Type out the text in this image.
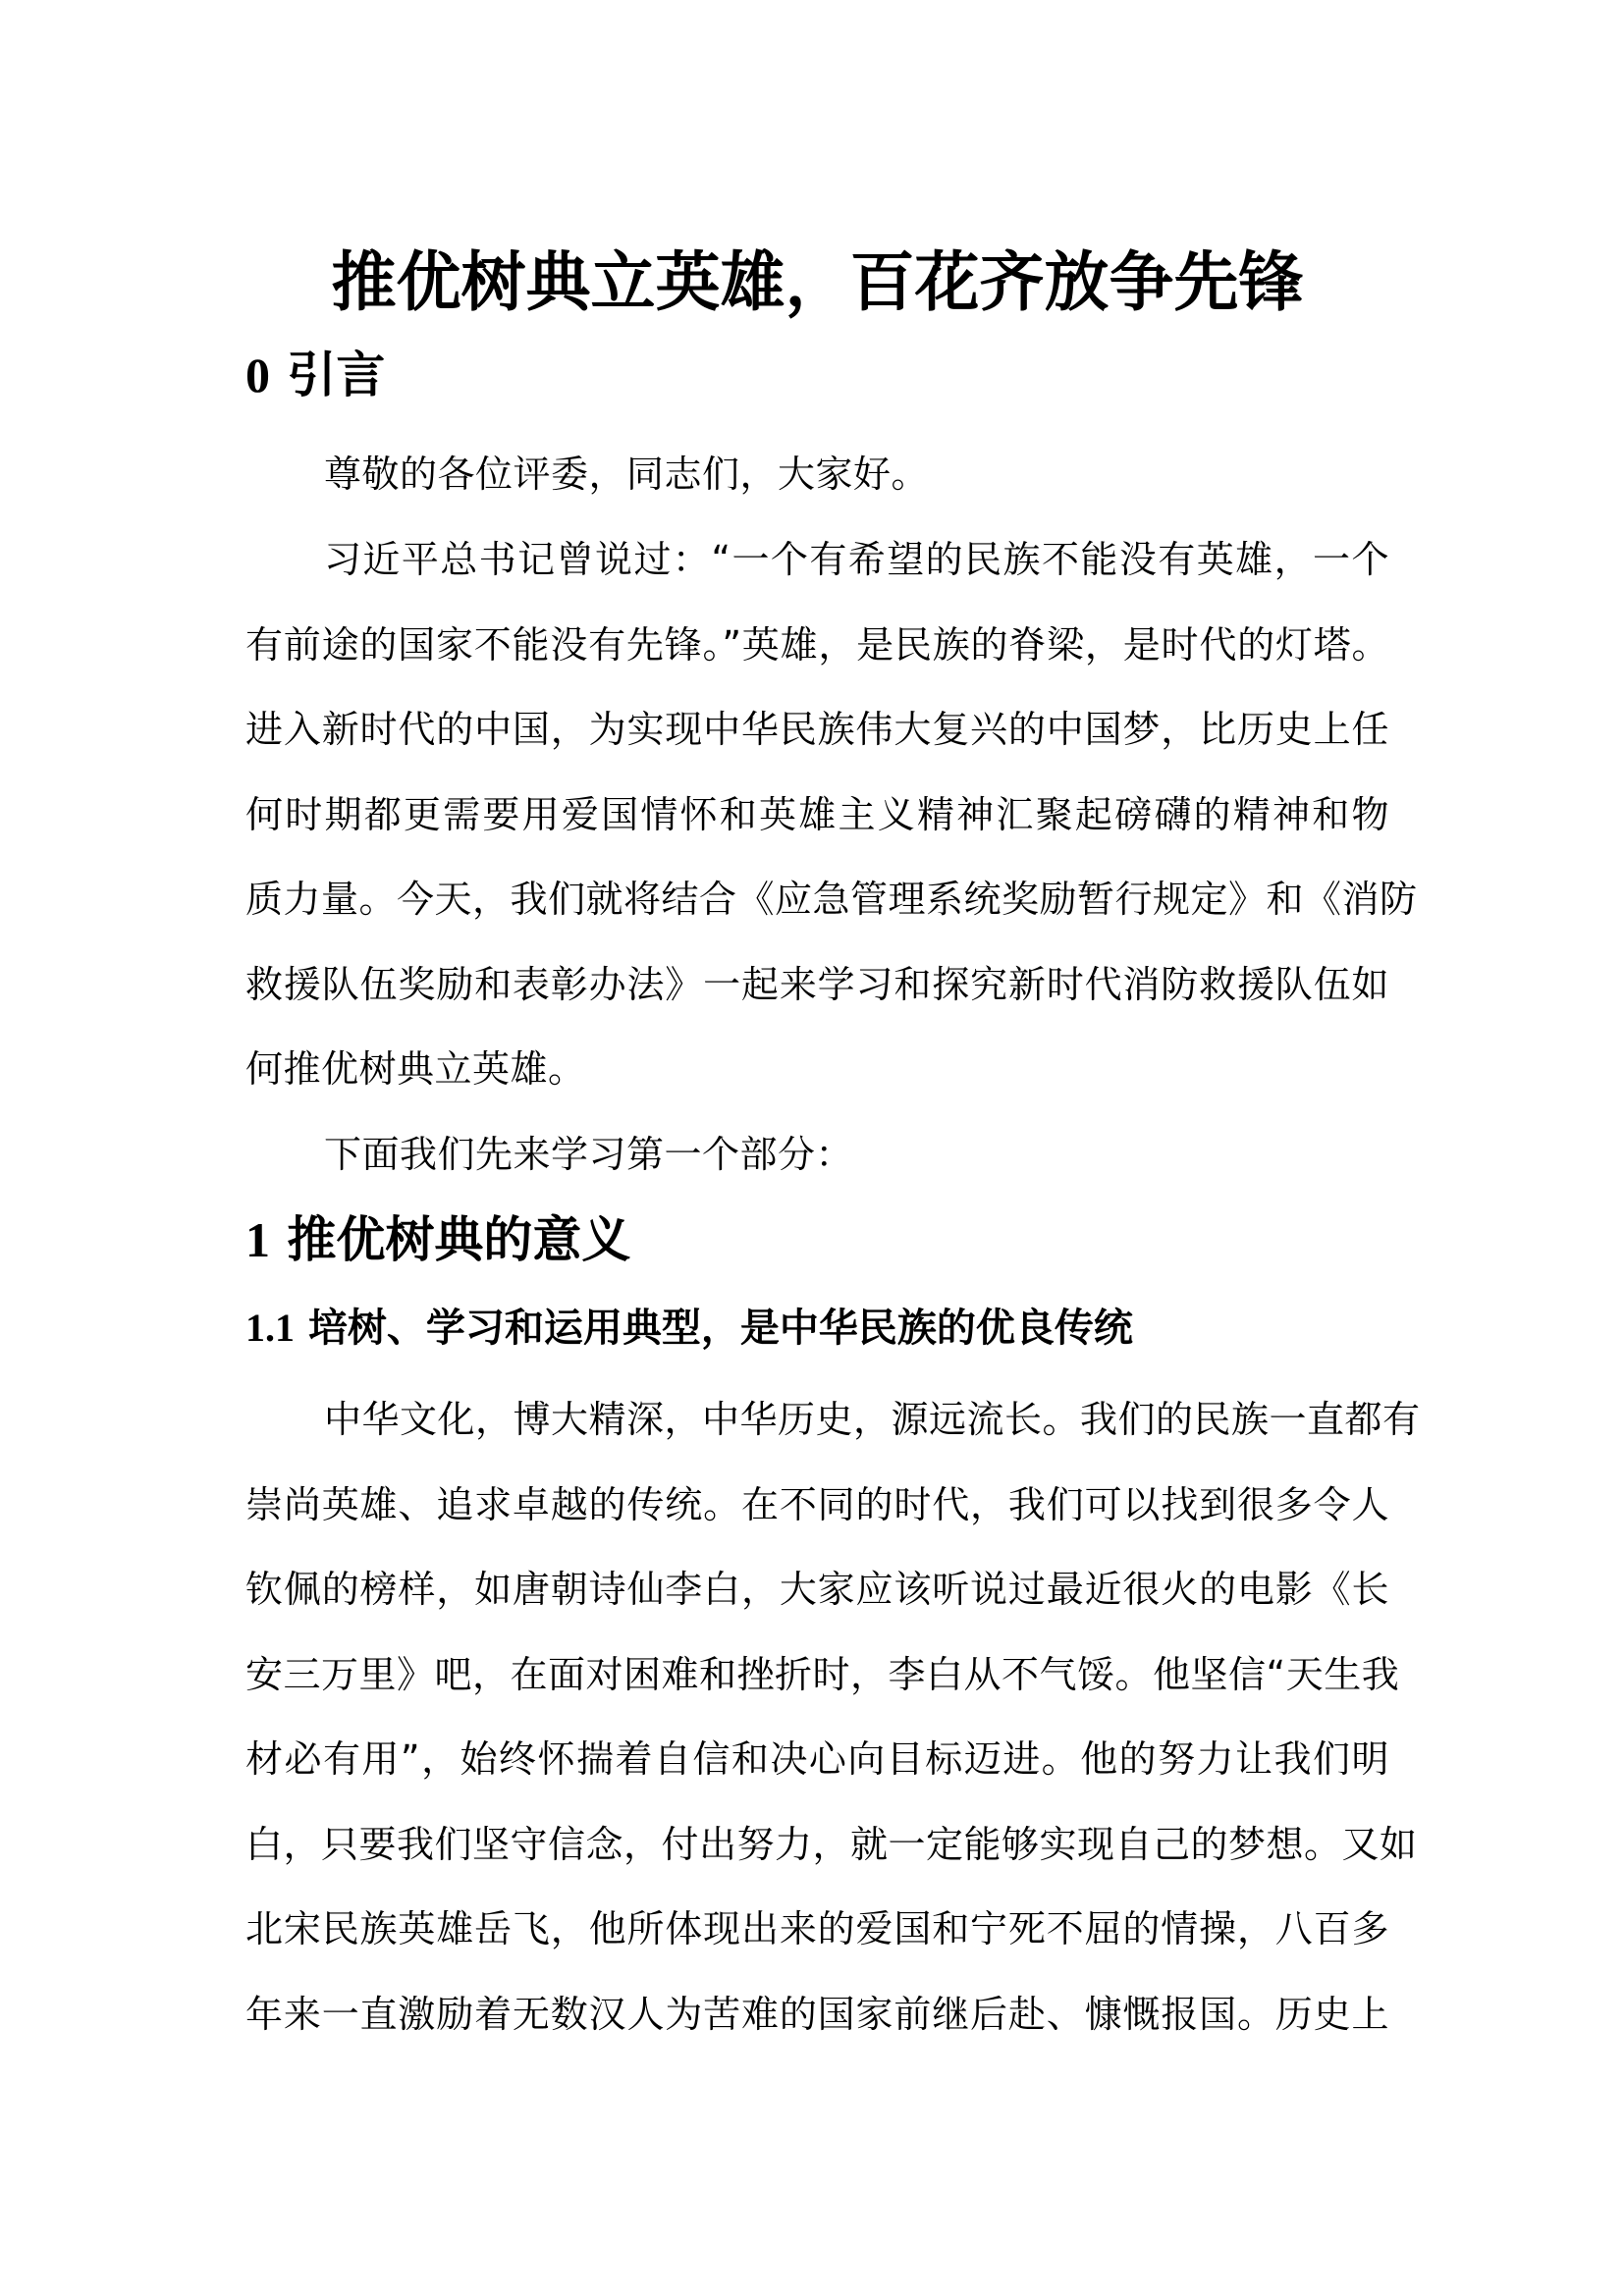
推优树典立英雄，百花齐放争先锋
0 引言
尊敬的各位评委，同志们，大家好。
习近平总书记曾说过：“一个有希望的民族不能没有英雄，一个
有前途的国家不能没有先锋。”英雄，是民族的脊梁，是时代的灯塔。
进入新时代的中国，为实现中华民族伟大复兴的中国梦，比历史上任
何时期都更需要用爱国情怀和英雄主义精神汇聚起磅礴的精神和物
质力量。今天，我们就将结合《应急管理系统奖励暂行规定》和《消防
救援队伍奖励和表彰办法》一起来学习和探究新时代消防救援队伍如
何推优树典立英雄。
下面我们先来学习第一个部分：
1 推优树典的意义
1.1 培树、学习和运用典型，是中华民族的优良传统
中华文化，博大精深，中华历史，源远流长。我们的民族一直都有
崇尚英雄、追求卓越的传统。在不同的时代，我们可以找到很多令人
钦佩的榜样，如唐朝诗仙李白，大家应该听说过最近很火的电影《长
安三万里》吧，在面对困难和挫折时，李白从不气馁。他坚信“天生我
材必有用”，始终怀揣着自信和决心向目标迈进。他的努力让我们明
白，只要我们坚守信念，付出努力，就一定能够实现自己的梦想。又如
北宋民族英雄岳飞，他所体现出来的爱国和宁死不屈的情操，八百多
年来一直激励着无数汉人为苦难的国家前继后赴、慷慨报国。历史上
